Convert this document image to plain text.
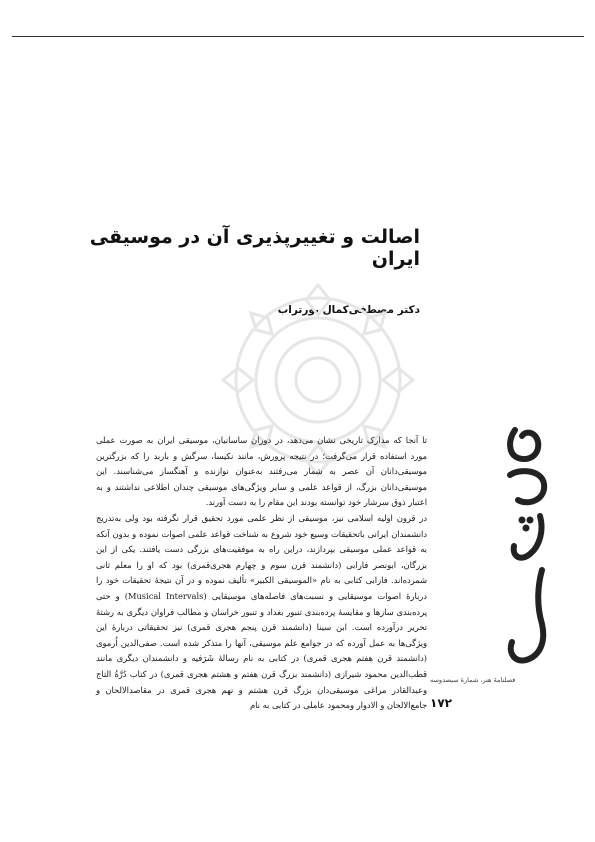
اصالت و تغییرپذیری آن در موسیقی ایران
دکتر مصطفی‌کمال پورتراب

تا آنجا که مدارک تاریخی نشان می‌دهد، در دوران ساسانیان، موسیقی ایران به صورت عملی مورد استفاده قرار می‌گرفت؛ در نتیجه پرورش، مانند نکیسا، سرگش و باربد را که بزرگترین موسیقی‌دانان آن عصر به شمار می‌رفتند به‌عنوان نوازنده و آهنگساز می‌شناسند. این موسیقی‌دانان بزرگ، از قواعد علمی و سایر ویژگی‌های موسیقی چندان اطلاعی نداشتند و به اعتبار ذوق سرشار خود توانسته بودند ابن مقام را به دست آورند.

در قرون اولیه اسلامی نیز، موسیقی از نظر علمی مورد تحقیق قرار نگرفته بود ولی به‌تدریج دانشمندان ایرانی باتحقیقات وسیع خود شروع به شناخت قواعد علمی اصوات نموده و بدون آنکه به قواعد عملی موسیقی بپردازند، دراین راه به موفقیت‌های بزرگی دست یافتند. یکی از این بزرگان، ابونصر فارابی (دانشمند قرن سوم و چهارم هجری‌قمری) بود که او را معلم ثانی شمرده‌اند. فارابی کتابی به نام «الموسیقی الکبیر» تألیف نموده و در آن نتیجهٔ تحقیقات خود را دربارهٔ اصوات موسیقایی و نسبت‌های فاصله‌های موسیقایی (Musical Intervals) و حتی پرده‌بندی سازها و مقایسهٔ پرده‌بندی تنبور بغداد و تنبور خراسان و مطالب فراوان دیگری به رشتهٔ تحریر درآورده است. ابن سینا (دانشمند قرن پنجم هجری قمری) نیز تحقیقاتی دربارهٔ این ویژگی‌ها به عمل آورده که در جوامع علم موسیقی، آنها را متذکر شده است. صفی‌الدین اُرموی (دانشمند قرن هفتم هجری قمری) در کتابی به نام رسالهٔ شَرَفیه و دانشمندان دیگری مانند قطب‌الدین محمود شیرازی (دانشمند بزرگ قرن هفتم و هشتم هجری قمری) در کتاب دُرَّةُ التاج وعبدالقادر مراغی موسیقی‌دان بزرگ قرن هشتم و نهم هجری قمری در مقاصدالالحان و جامع‌الالحان و الادوار ومحمود عاملی در کتابی به نام

فصلنامهٔ هنر، شمارهٔ سیصدوسه
۱۷۲
